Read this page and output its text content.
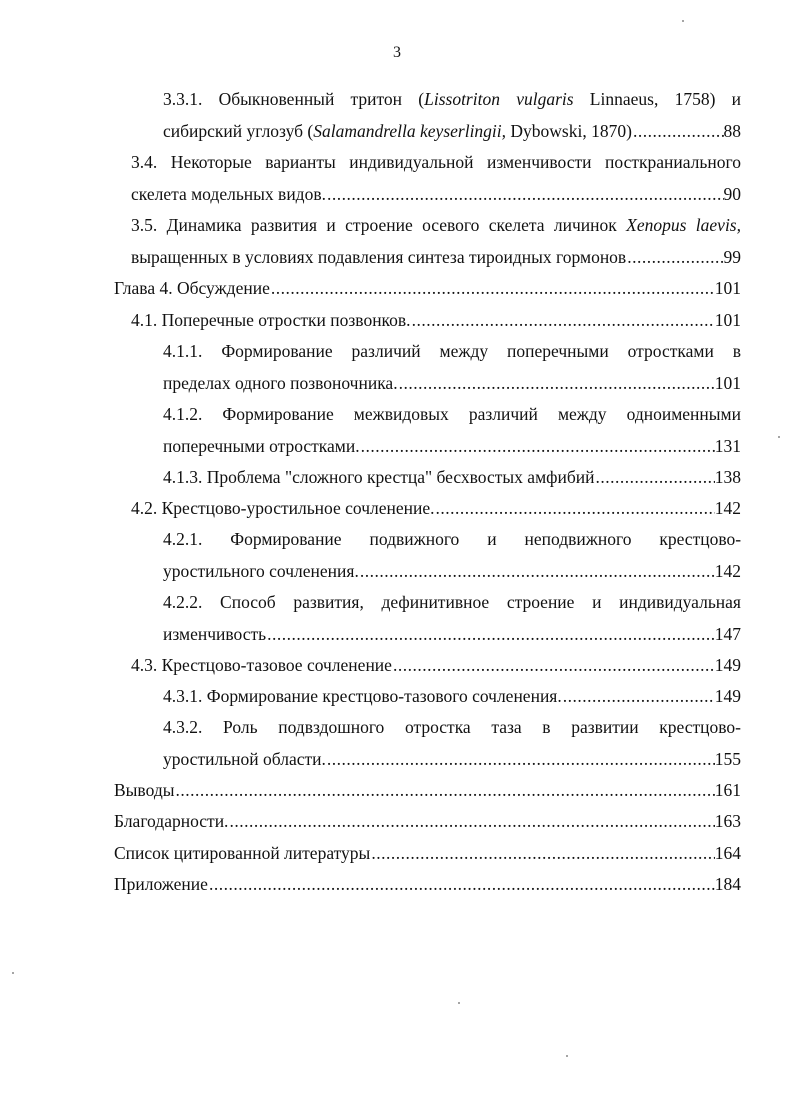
3
3.3.1. Обыкновенный тритон (Lissotriton vulgaris Linnaeus, 1758) и
сибирский углозуб (Salamandrella keyserlingii, Dybowski, 1870) .....	88
3.4. Некоторые варианты индивидуальной изменчивости посткраниального
скелета модельных видов. .....	90
3.5. Динамика развития и строение осевого скелета личинок Xenopus laevis,
выращенных в условиях подавления синтеза тироидных гормонов .....	99
Глава 4. Обсуждение .....	101
4.1. Поперечные отростки позвонков. .....	101
4.1.1. Формирование различий между поперечными отростками в
пределах одного позвоночника. .....	101
4.1.2. Формирование межвидовых различий между одноименными
поперечными отростками. .....	131
4.1.3. Проблема "сложного крестца" бесхвостых амфибий .....	138
4.2. Крестцово-уростильное сочленение. .....	142
4.2.1. Формирование подвижного и неподвижного крестцово-
уростильного сочленения. .....	142
4.2.2. Способ развития, дефинитивное строение и индивидуальная
изменчивость .....	147
4.3. Крестцово-тазовое сочленение .....	149
4.3.1. Формирование крестцово-тазового сочленения. .....	149
4.3.2. Роль подвздошного отростка таза в развитии крестцово-
уростильной области. .....	155
Выводы .....	161
Благодарности. .....	163
Список цитированной литературы .....	164
Приложение .....	184
